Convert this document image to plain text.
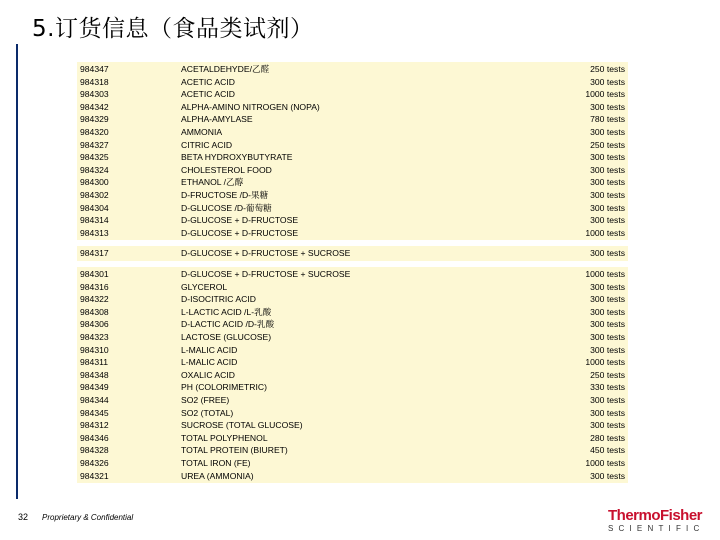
5.订货信息（食品类试剂）
984347	ACETALDEHYDE/乙醛	250 tests
984318	ACETIC ACID	300 tests
984303	ACETIC ACID	1000 tests
984342	ALPHA-AMINO NITROGEN (NOPA)	300 tests
984329	ALPHA-AMYLASE	780 tests
984320	AMMONIA	300 tests
984327	CITRIC ACID	250 tests
984325	BETA HYDROXYBUTYRATE	300 tests
984324	CHOLESTEROL FOOD	300 tests
984300	ETHANOL /乙醇	300 tests
984302	D-FRUCTOSE /D-果糖	300 tests
984304	D-GLUCOSE /D-葡萄糖	300 tests
984314	D-GLUCOSE + D-FRUCTOSE	300 tests
984313	D-GLUCOSE + D-FRUCTOSE	1000 tests
984317	D-GLUCOSE + D-FRUCTOSE + SUCROSE	300 tests
984301	D-GLUCOSE + D-FRUCTOSE + SUCROSE	1000 tests
984316	GLYCEROL	300 tests
984322	D-ISOCITRIC ACID	300 tests
984308	L-LACTIC ACID /L-乳酸	300 tests
984306	D-LACTIC ACID /D-乳酸	300 tests
984323	LACTOSE (GLUCOSE)	300 tests
984310	L-MALIC ACID	300 tests
984311	L-MALIC ACID	1000 tests
984348	OXALIC ACID	250 tests
984349	PH (COLORIMETRIC)	330 tests
984344	SO2 (FREE)	300 tests
984345	SO2 (TOTAL)	300 tests
984312	SUCROSE (TOTAL GLUCOSE)	300 tests
984346	TOTAL POLYPHENOL	280 tests
984328	TOTAL PROTEIN (BIURET)	450 tests
984326	TOTAL IRON (FE)	1000 tests
984321	UREA (AMMONIA)	300 tests
32 Proprietary & Confidential	ThermoFisher
SCIENTIFIC
